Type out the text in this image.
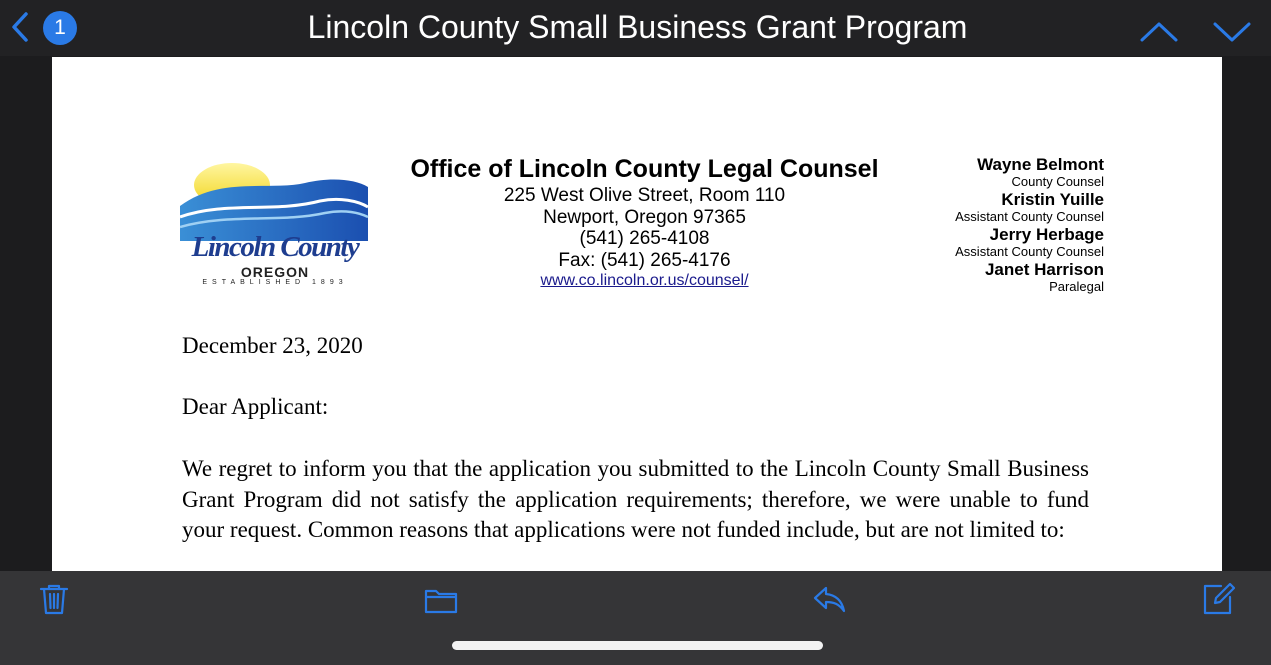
1	Lincoln County Small Business Grant Program
Lincoln County
OREGON
ESTABLISHED 1893
Office of Lincoln County Legal Counsel
225 West Olive Street, Room 110
Newport, Oregon 97365
(541) 265-4108
Fax: (541) 265-4176
www.co.lincoln.or.us/counsel/
Wayne Belmont
County Counsel
Kristin Yuille
Assistant County Counsel
Jerry Herbage
Assistant County Counsel
Janet Harrison
Paralegal
December 23, 2020
Dear Applicant:
We regret to inform you that the application you submitted to the Lincoln County Small Business Grant Program did not satisfy the application requirements; therefore, we were unable to fund your request. Common reasons that applications were not funded include, but are not limited to:
